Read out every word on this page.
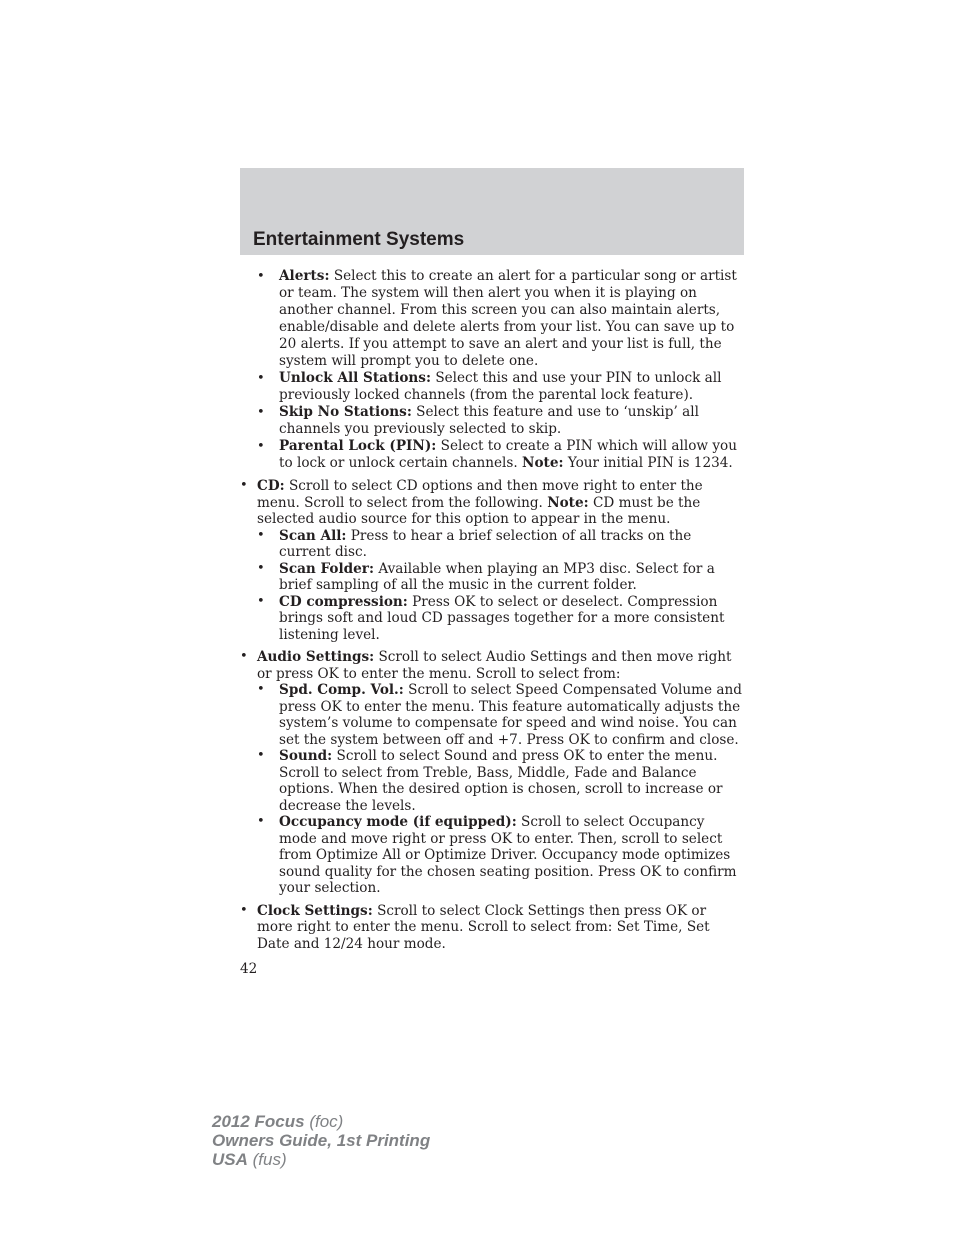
Entertainment Systems
• Alerts: Select this to create an alert for a particular song or artist or team. The system will then alert you when it is playing on another channel. From this screen you can also maintain alerts, enable/disable and delete alerts from your list. You can save up to 20 alerts. If you attempt to save an alert and your list is full, the system will prompt you to delete one.
• Unlock All Stations: Select this and use your PIN to unlock all previously locked channels (from the parental lock feature).
• Skip No Stations: Select this feature and use to ‘unskip’ all channels you previously selected to skip.
• Parental Lock (PIN): Select to create a PIN which will allow you to lock or unlock certain channels. Note: Your initial PIN is 1234.
• CD: Scroll to select CD options and then move right to enter the menu. Scroll to select from the following. Note: CD must be the selected audio source for this option to appear in the menu.
• Scan All: Press to hear a brief selection of all tracks on the current disc.
• Scan Folder: Available when playing an MP3 disc. Select for a brief sampling of all the music in the current folder.
• CD compression: Press OK to select or deselect. Compression brings soft and loud CD passages together for a more consistent listening level.
• Audio Settings: Scroll to select Audio Settings and then move right or press OK to enter the menu. Scroll to select from:
• Spd. Comp. Vol.: Scroll to select Speed Compensated Volume and press OK to enter the menu. This feature automatically adjusts the system’s volume to compensate for speed and wind noise. You can set the system between off and +7. Press OK to confirm and close.
• Sound: Scroll to select Sound and press OK to enter the menu. Scroll to select from Treble, Bass, Middle, Fade and Balance options. When the desired option is chosen, scroll to increase or decrease the levels.
• Occupancy mode (if equipped): Scroll to select Occupancy mode and move right or press OK to enter. Then, scroll to select from Optimize All or Optimize Driver. Occupancy mode optimizes sound quality for the chosen seating position. Press OK to confirm your selection.
• Clock Settings: Scroll to select Clock Settings then press OK or more right to enter the menu. Scroll to select from: Set Time, Set Date and 12/24 hour mode.
42
2012 Focus (foc)
Owners Guide, 1st Printing
USA (fus)
